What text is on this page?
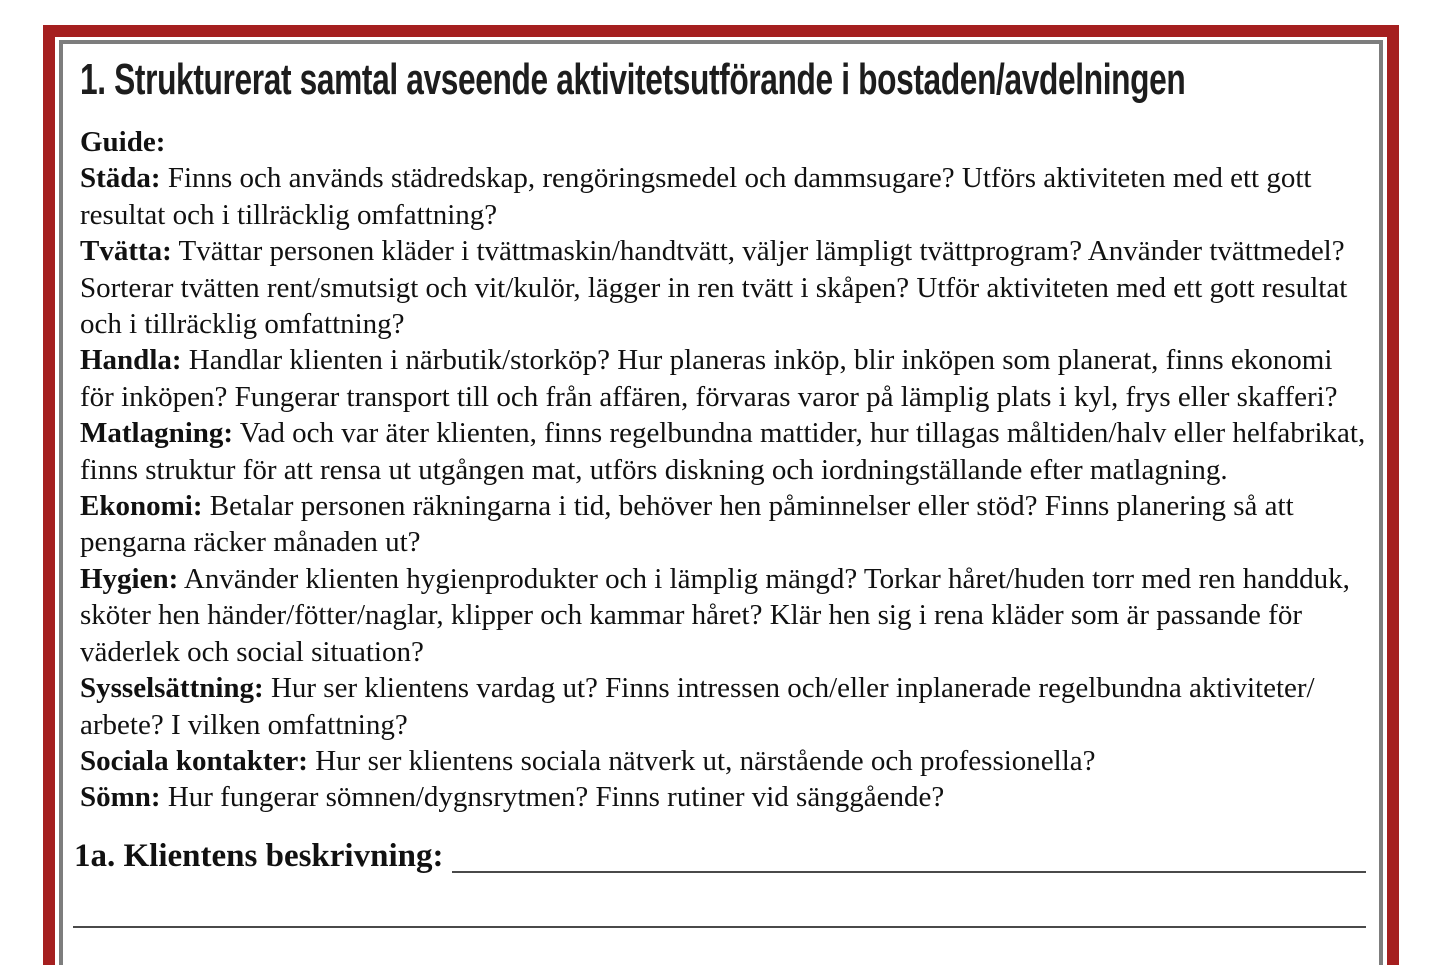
1. Strukturerat samtal avseende aktivitetsutförande i bostaden/avdelningen
Guide:
Städa: Finns och används städredskap, rengöringsmedel och dammsugare? Utförs aktiviteten med ett gott
resultat och i tillräcklig omfattning?
Tvätta: Tvättar personen kläder i tvättmaskin/handtvätt, väljer lämpligt tvättprogram? Använder tvättmedel?
Sorterar tvätten rent/smutsigt och vit/kulör, lägger in ren tvätt i skåpen? Utför aktiviteten med ett gott resultat
och i tillräcklig omfattning?
Handla: Handlar klienten i närbutik/storköp? Hur planeras inköp, blir inköpen som planerat, finns ekonomi
för inköpen? Fungerar transport till och från affären, förvaras varor på lämplig plats i kyl, frys eller skafferi?
Matlagning: Vad och var äter klienten, finns regelbundna mattider, hur tillagas måltiden/halv eller helfabrikat,
finns struktur för att rensa ut utgången mat, utförs diskning och iordningställande efter matlagning.
Ekonomi: Betalar personen räkningarna i tid, behöver hen påminnelser eller stöd? Finns planering så att
pengarna räcker månaden ut?
Hygien: Använder klienten hygienprodukter och i lämplig mängd? Torkar håret/huden torr med ren handduk,
sköter hen händer/fötter/naglar, klipper och kammar håret? Klär hen sig i rena kläder som är passande för
väderlek och social situation?
Sysselsättning: Hur ser klientens vardag ut? Finns intressen och/eller inplanerade regelbundna aktiviteter/
arbete? I vilken omfattning?
Sociala kontakter: Hur ser klientens sociala nätverk ut, närstående och professionella?
Sömn: Hur fungerar sömnen/dygnsrytmen? Finns rutiner vid sänggående?
1a. Klientens beskrivning:
